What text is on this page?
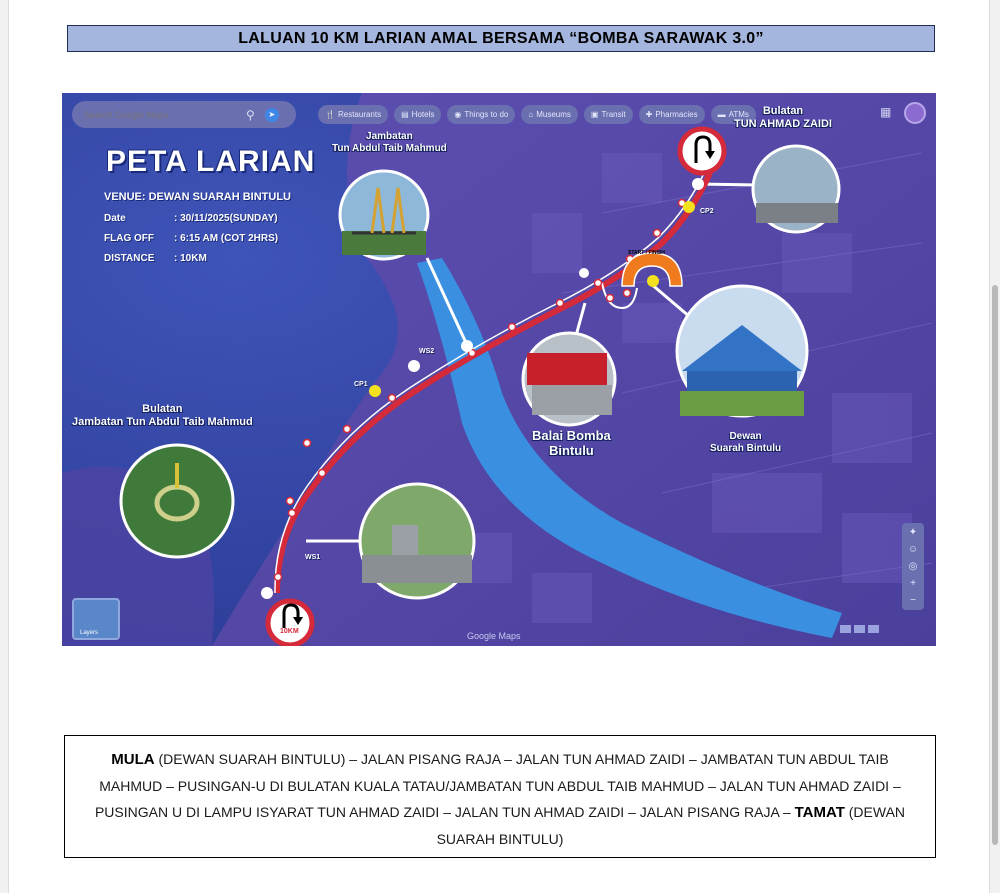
LALUAN 10 KM LARIAN AMAL BERSAMA “BOMBA SARAWAK 3.0”
Search Google Maps
⚲	➤	🍴 Restaurants	▤ Hotels	◉ Things to do	⌂ Museums	▣ Transit	✚ Pharmacies	▬ ATMs	▦
PETA LARIAN
VENUE: DEWAN SUARAH BINTULU
Date	: 30/11/2025(SUNDAY)
FLAG OFF	: 6:15 AM (COT 2HRS)
DISTANCE	: 10KM
Jambatan
Tun Abdul Taib Mahmud
Bulatan
TUN AHMAD ZAIDI
Bulatan
Jambatan Tun Abdul Taib Mahmud
Balai Bomba
Bintulu
Dewan
Suarah Bintulu
START / FINISH
10KM
CP2
CP1
WS2
WS1
✦
☺
◎
+
−
Layers	Google Maps
MULA (DEWAN SUARAH BINTULU) – JALAN PISANG RAJA – JALAN TUN AHMAD ZAIDI – JAMBATAN TUN ABDUL TAIB MAHMUD – PUSINGAN-U DI BULATAN KUALA TATAU/JAMBATAN TUN ABDUL TAIB MAHMUD – JALAN TUN AHMAD ZAIDI – PUSINGAN U DI LAMPU ISYARAT TUN AHMAD ZAIDI – JALAN TUN AHMAD ZAIDI – JALAN PISANG RAJA – TAMAT (DEWAN SUARAH BINTULU)
